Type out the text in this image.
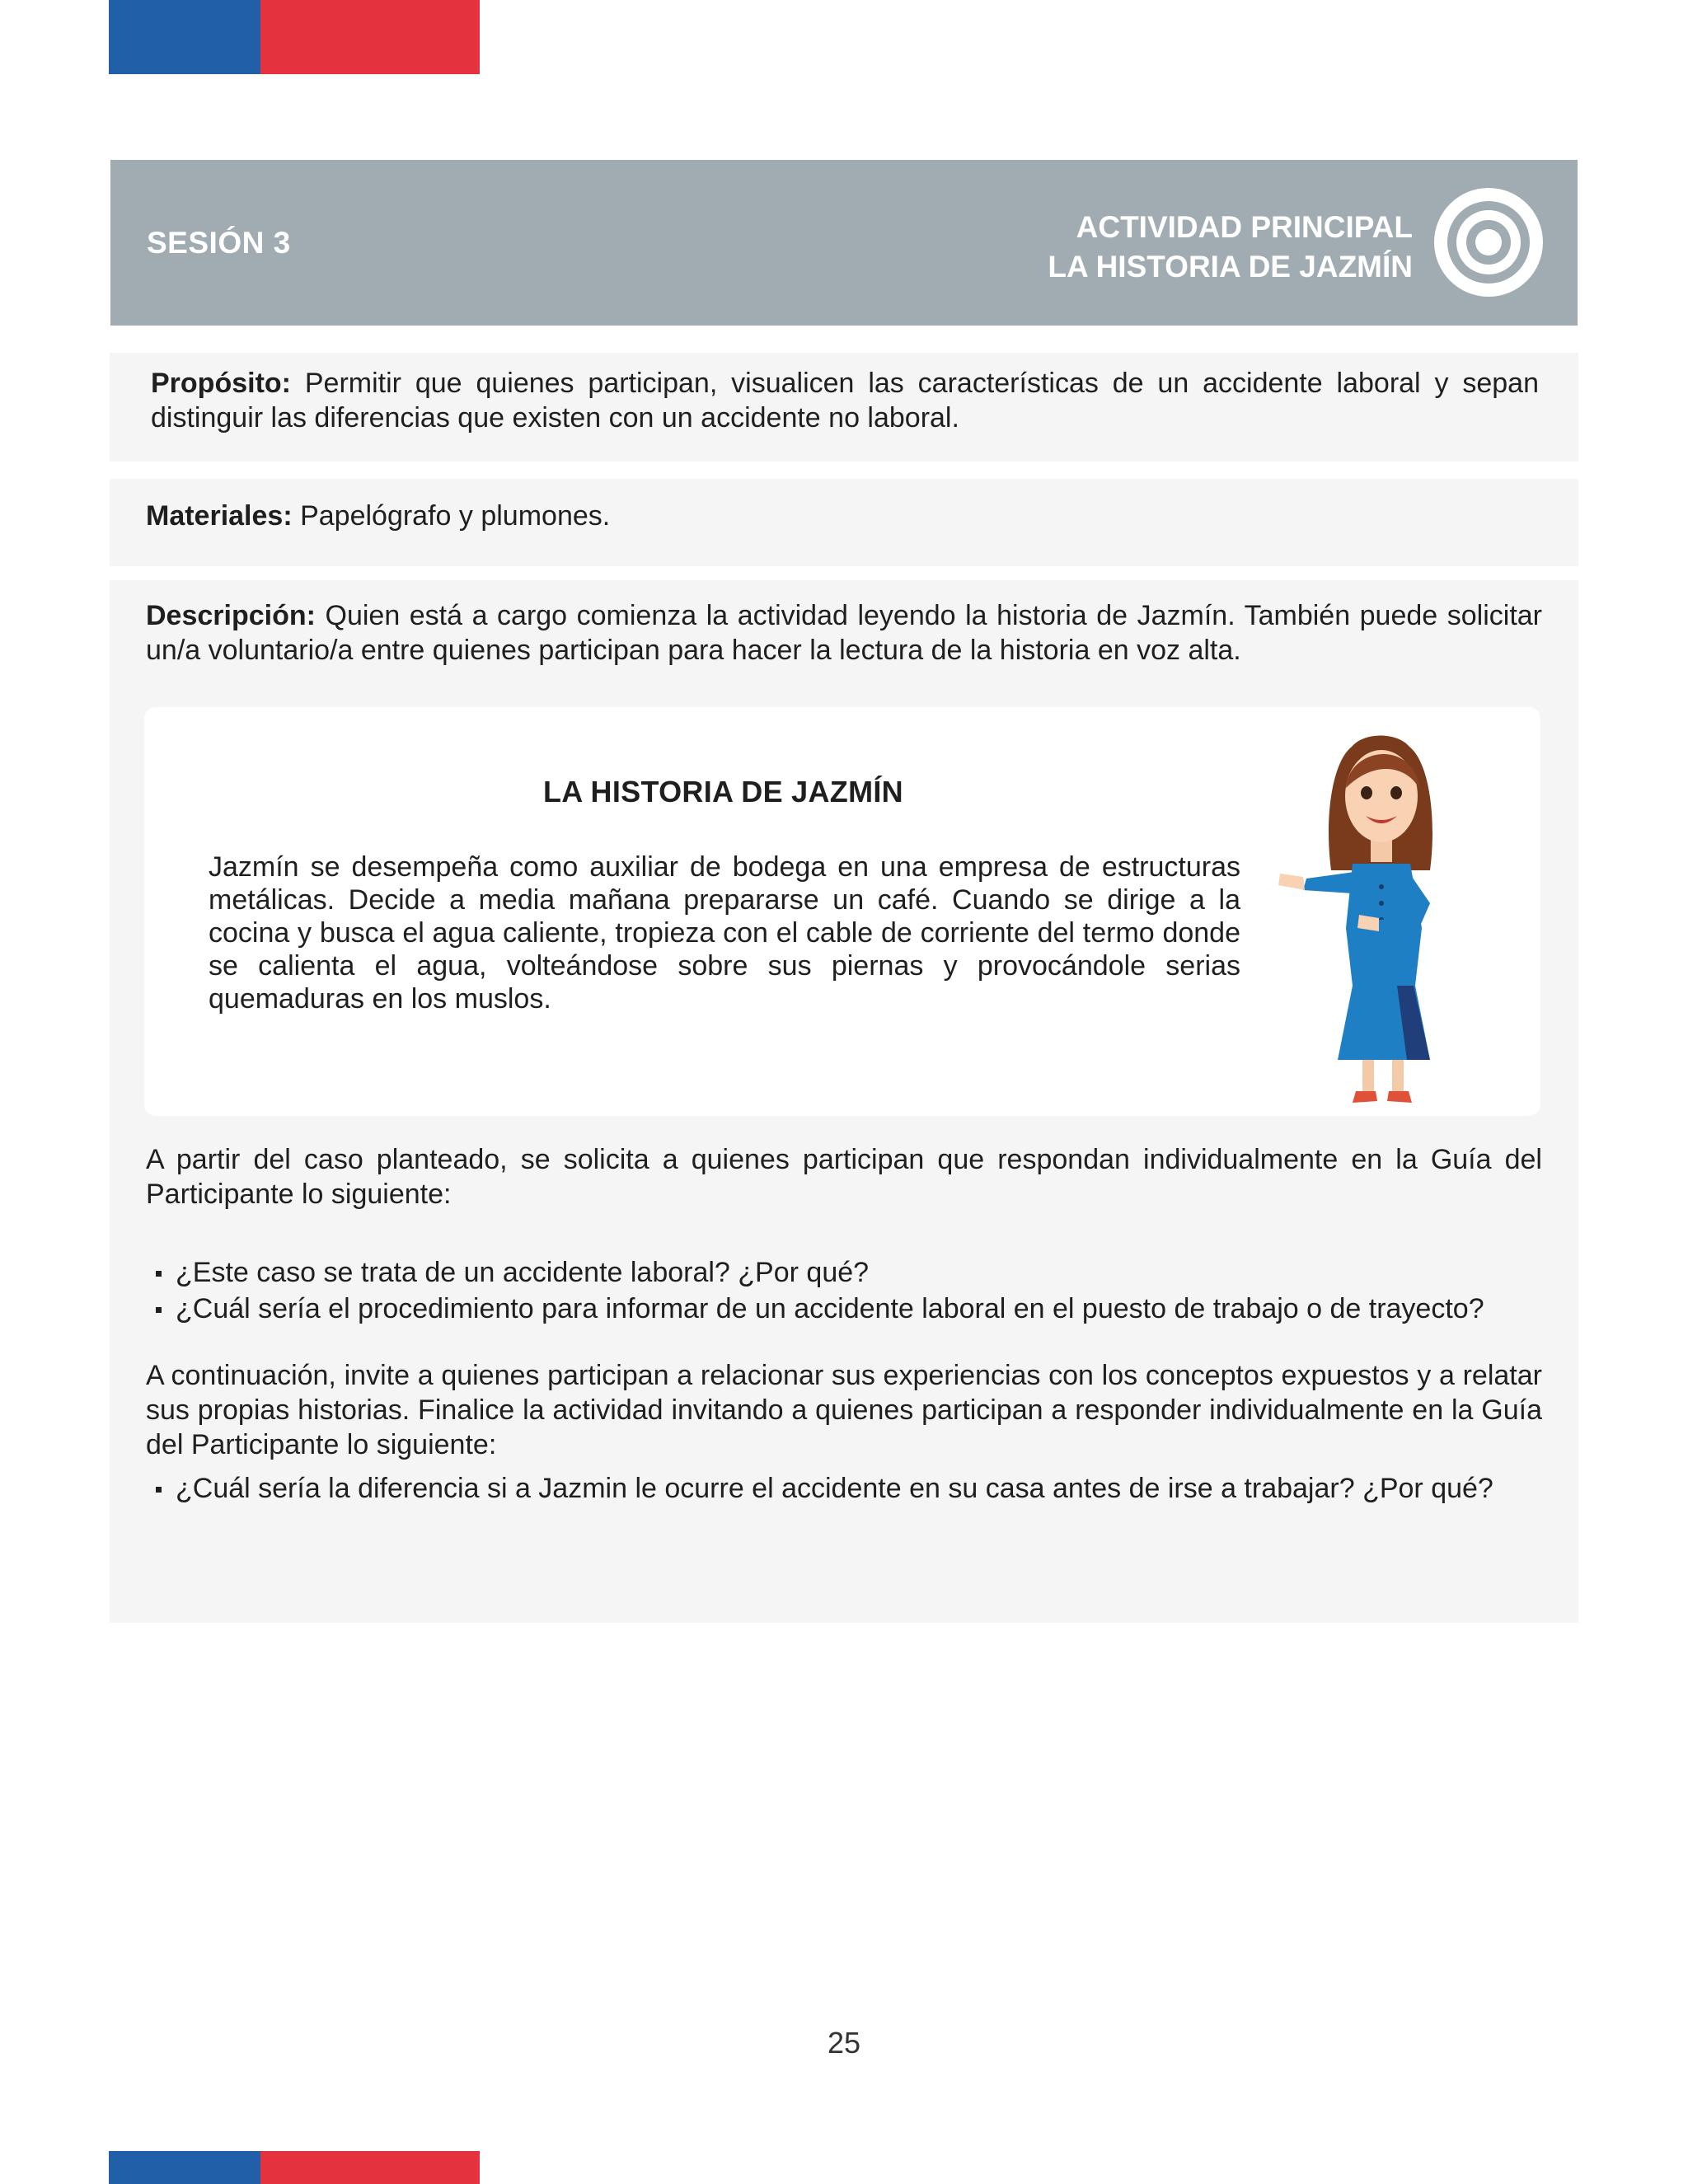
SESIÓN 3	ACTIVIDAD PRINCIPAL
LA HISTORIA DE JAZMÍN

Propósito: Permitir que quienes participan, visualicen las características de un accidente laboral y sepan distinguir las diferencias que existen con un accidente no laboral.

Materiales: Papelógrafo y plumones.

Descripción: Quien está a cargo comienza la actividad leyendo la historia de Jazmín. También puede solicitar un/a voluntario/a entre quienes participan para hacer la lectura de la historia en voz alta.

LA HISTORIA DE JAZMÍN

Jazmín se desempeña como auxiliar de bodega en una empresa de estructuras metálicas. Decide a media mañana prepararse un café. Cuando se dirige a la cocina y busca el agua caliente, tropieza con el cable de corriente del termo donde se calienta el agua, volteándose sobre sus piernas y provocándole serias quemaduras en los muslos.

A partir del caso planteado, se solicita a quienes participan que respondan individualmente en la Guía del Participante lo siguiente:

¿Este caso se trata de un accidente laboral? ¿Por qué?
¿Cuál sería el procedimiento para informar de un accidente laboral en el puesto de trabajo o de trayecto?

A continuación, invite a quienes participan a relacionar sus experiencias con los conceptos expuestos y a relatar sus propias historias. Finalice la actividad invitando a quienes participan a responder individualmente en la Guía del Participante lo siguiente:

¿Cuál sería la diferencia si a Jazmin le ocurre el accidente en su casa antes de irse a trabajar? ¿Por qué?
25
